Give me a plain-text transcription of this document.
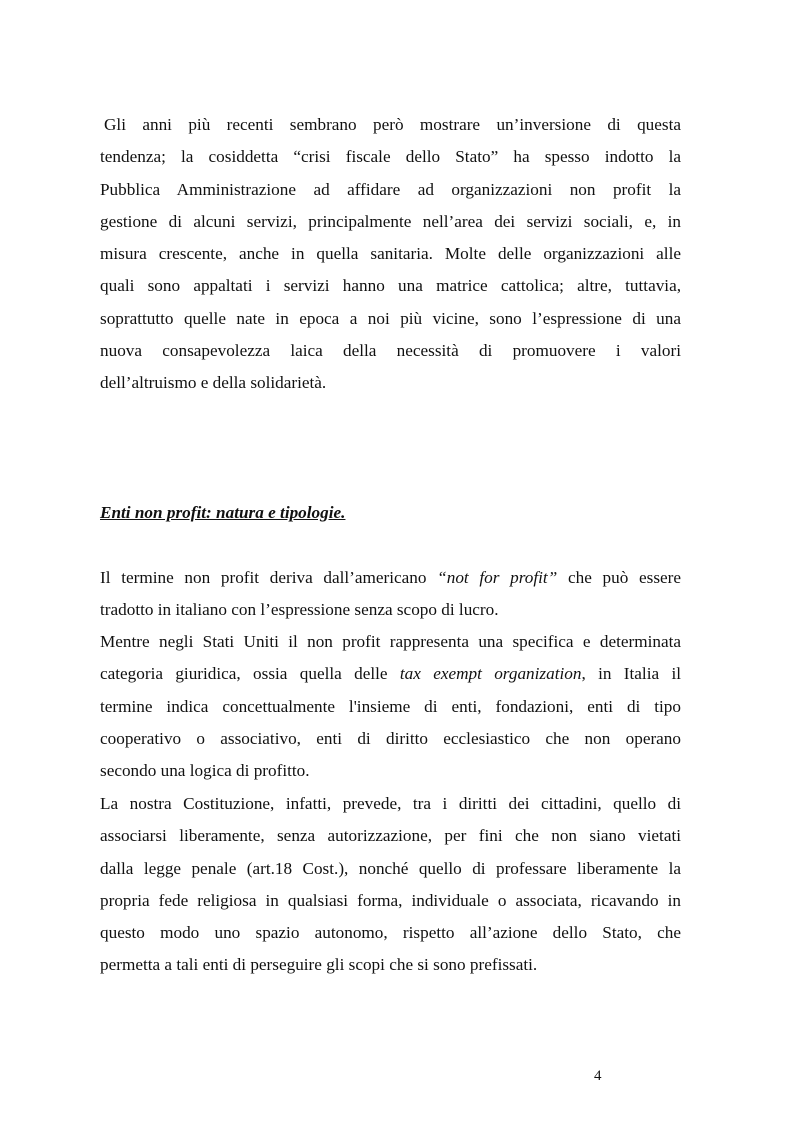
Gli anni più recenti sembrano però mostrare un’inversione di questa
tendenza; la cosiddetta “crisi fiscale dello Stato” ha spesso indotto la
Pubblica Amministrazione ad affidare ad organizzazioni non profit la
gestione di alcuni servizi, principalmente nell’area dei servizi sociali, e, in
misura crescente, anche in quella sanitaria. Molte delle organizzazioni alle
quali sono appaltati i servizi hanno una matrice cattolica; altre, tuttavia,
soprattutto quelle nate in epoca a noi più vicine, sono l’espressione di una
nuova consapevolezza laica della necessità di promuovere i valori
dell’altruismo e della solidarietà.
Enti non profit: natura e tipologie.
Il termine non profit deriva dall’americano “not for profit” che può essere
tradotto in italiano con l’espressione senza scopo di lucro.
Mentre negli Stati Uniti il non profit rappresenta una specifica e determinata
categoria giuridica, ossia quella delle tax exempt organization, in Italia il
termine indica concettualmente l'insieme di enti, fondazioni, enti di tipo
cooperativo o associativo, enti di diritto ecclesiastico che non operano
secondo una logica di profitto.
La nostra Costituzione, infatti, prevede, tra i diritti dei cittadini, quello di
associarsi liberamente, senza autorizzazione, per fini che non siano vietati
dalla legge penale (art.18 Cost.), nonché quello di professare liberamente la
propria fede religiosa in qualsiasi forma, individuale o associata, ricavando in
questo modo uno spazio autonomo, rispetto all’azione dello Stato, che
permetta a tali enti di perseguire gli scopi che si sono prefissati.
4
